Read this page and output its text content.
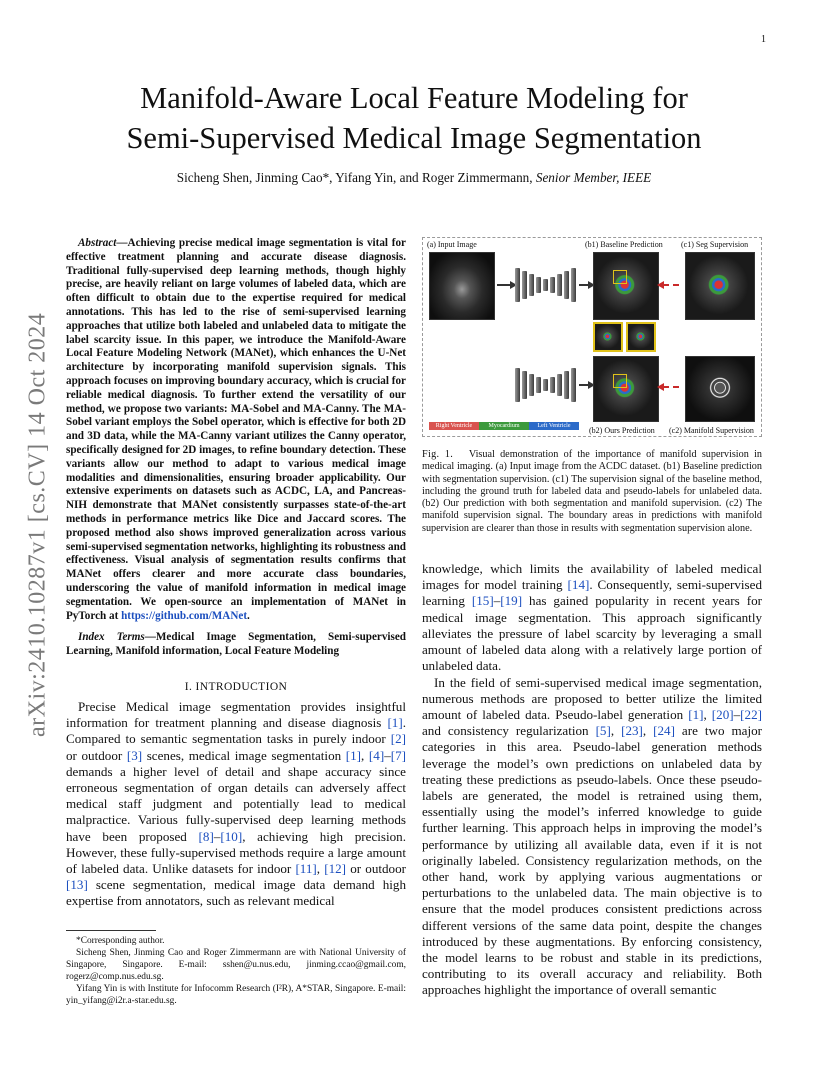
1
arXiv:2410.10287v1 [cs.CV] 14 Oct 2024
Manifold-Aware Local Feature Modeling for
Semi-Supervised Medical Image Segmentation
Sicheng Shen, Jinming Cao*, Yifang Yin, and Roger Zimmermann, Senior Member, IEEE

Abstract—Achieving precise medical image segmentation is vital for effective treatment planning and accurate disease diagnosis. Traditional fully-supervised deep learning methods, though highly precise, are heavily reliant on large volumes of labeled data, which are often difficult to obtain due to the expertise required for medical annotations. This has led to the rise of semi-supervised learning approaches that utilize both labeled and unlabeled data to mitigate the label scarcity issue. In this paper, we introduce the Manifold-Aware Local Feature Modeling Network (MANet), which enhances the U-Net architecture by incorporating manifold supervision signals. This approach focuses on improving boundary accuracy, which is crucial for reliable medical diagnosis. To further extend the versatility of our method, we propose two variants: MA-Sobel and MA-Canny. The MA-Sobel variant employs the Sobel operator, which is effective for both 2D and 3D data, while the MA-Canny variant utilizes the Canny operator, specifically designed for 2D images, to refine boundary detection. These variants allow our method to adapt to various medical image modalities and dimensionalities, ensuring broader applicability. Our extensive experiments on datasets such as ACDC, LA, and Pancreas-NIH demonstrate that MANet consistently surpasses state-of-the-art methods in performance metrics like Dice and Jaccard scores. The proposed method also shows improved generalization across various semi-supervised segmentation networks, highlighting its robustness and effectiveness. Visual analysis of segmentation results confirms that MANet offers clearer and more accurate class boundaries, underscoring the value of manifold information in medical image segmentation. We open-source an implementation of MANet in PyTorch at https://github.com/MANet.

Index Terms—Medical Image Segmentation, Semi-supervised Learning, Manifold information, Local Feature Modeling

I. INTRODUCTION

Precise Medical image segmentation provides insightful information for treatment planning and disease diagnosis [1]. Compared to semantic segmentation tasks in purely indoor [2] or outdoor [3] scenes, medical image segmentation [1], [4]–[7] demands a higher level of detail and shape accuracy since erroneous segmentation of organ details can adversely affect medical staff judgment and potentially lead to medical malpractice. Various fully-supervised deep learning methods have been proposed [8]–[10], achieving high precision. However, these fully-supervised methods require a large amount of labeled data. Unlike datasets for indoor [11], [12] or outdoor [13] scene segmentation, medical image data demand high expertise from annotators, such as relevant medical

*Corresponding author.

Sicheng Shen, Jinming Cao and Roger Zimmermann are with National University of Singapore, Singapore. E-mail: sshen@u.nus.edu, jinming.ccao@gmail.com, rogerz@comp.nus.edu.sg.

Yifang Yin is with Institute for Infocomm Research (I²R), A*STAR, Singapore. E-mail: yin_yifang@i2r.a-star.edu.sg.

(a) Input Image	(b1) Baseline Prediction (c1) Seg Supervision
Right Ventricle	Myocardium	Left Ventricle	(b2) Ours Prediction (c2) Manifold Supervision

Fig. 1. Visual demonstration of the importance of manifold supervision in medical imaging. (a) Input image from the ACDC dataset. (b1) Baseline prediction with segmentation supervision. (c1) The supervision signal of the baseline method, including the ground truth for labeled data and pseudo-labels for unlabeled data. (b2) Our prediction with both segmentation and manifold supervision. (c2) The manifold supervision signal. The boundary areas in predictions with manifold supervision are clearer than those in results with segmentation supervision alone.

knowledge, which limits the availability of labeled medical images for model training [14]. Consequently, semi-supervised learning [15]–[19] has gained popularity in recent years for medical image segmentation. This approach significantly alleviates the pressure of label scarcity by leveraging a small amount of labeled data along with a relatively large portion of unlabeled data.

In the field of semi-supervised medical image segmentation, numerous methods are proposed to better utilize the limited amount of labeled data. Pseudo-label generation [1], [20]–[22] and consistency regularization [5], [23], [24] are two major categories in this area. Pseudo-label generation methods leverage the model’s own predictions on unlabeled data by treating these predictions as pseudo-labels. Once these pseudo-labels are generated, the model is retrained using them, essentially using the model’s inferred knowledge to guide further learning. This approach helps in improving the model’s performance by utilizing all available data, even if it is not originally labeled. Consistency regularization methods, on the other hand, work by applying various augmentations or perturbations to the unlabeled data. The main objective is to ensure that the model produces consistent predictions across different versions of the same data point, despite the changes introduced by these augmentations. By enforcing consistency, the model learns to be robust and stable in its predictions, contributing to its overall accuracy and reliability. Both approaches highlight the importance of overall semantic
